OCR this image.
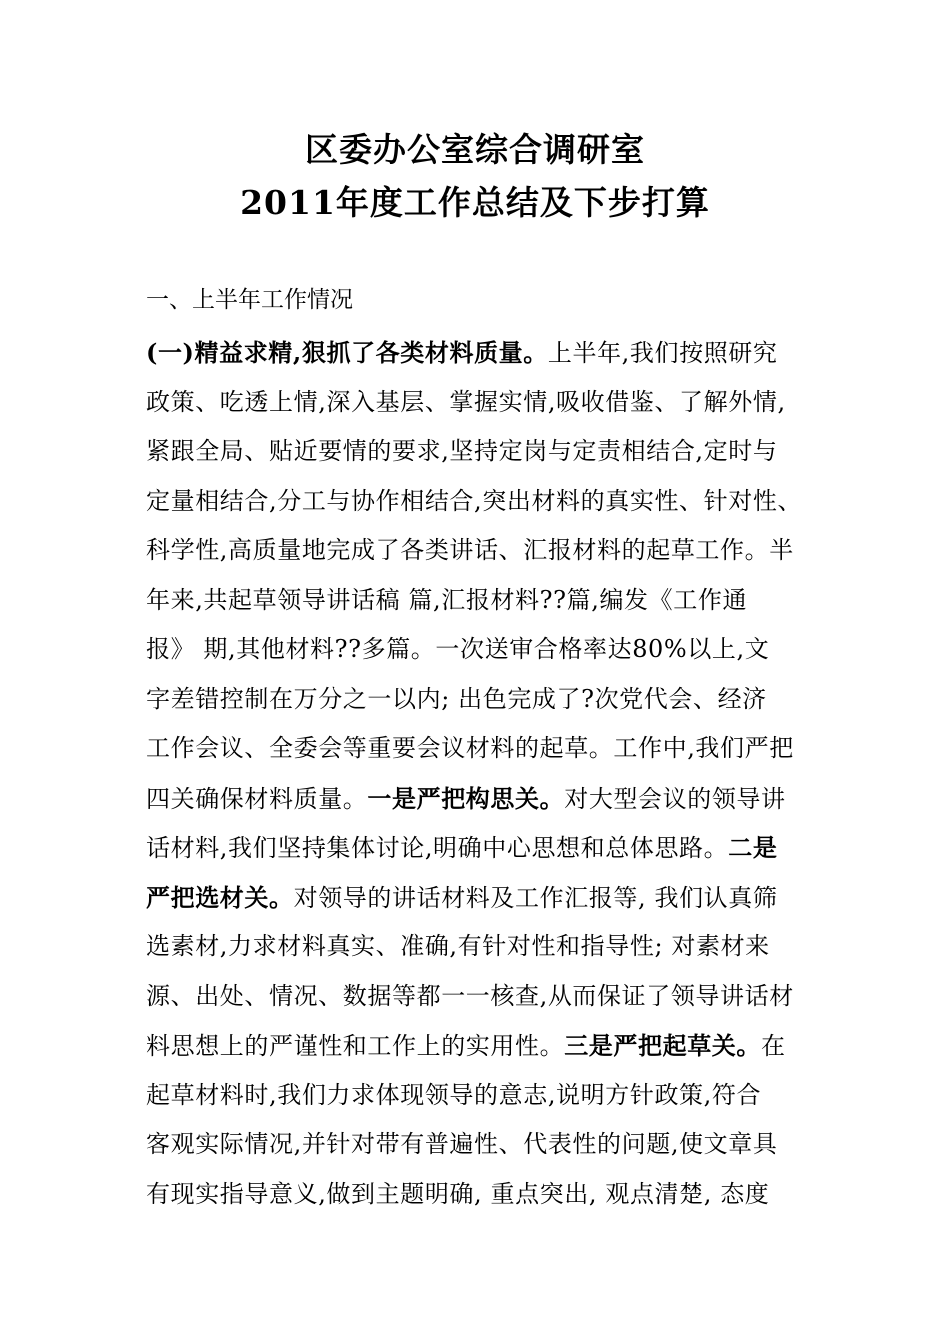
区委办公室综合调研室
2011年度工作总结及下步打算
一、上半年工作情况
(一)精益求精,狠抓了各类材料质量。上半年,我们按照研究
政策、吃透上情,深入基层、掌握实情,吸收借鉴、了解外情,
紧跟全局、贴近要情的要求,坚持定岗与定责相结合,定时与
定量相结合,分工与协作相结合,突出材料的真实性、针对性、
科学性,高质量地完成了各类讲话、汇报材料的起草工作。半
年来,共起草领导讲话稿 篇,汇报材料??篇,编发《工作通
报》 期,其他材料??多篇。一次送审合格率达80%以上,文
字差错控制在万分之一以内; 出色完成了?次党代会、经济
工作会议、全委会等重要会议材料的起草。工作中,我们严把
四关确保材料质量。一是严把构思关。对大型会议的领导讲
话材料,我们坚持集体讨论,明确中心思想和总体思路。二是
严把选材关。对领导的讲话材料及工作汇报等, 我们认真筛
选素材,力求材料真实、准确,有针对性和指导性; 对素材来
源、出处、情况、数据等都一一核查,从而保证了领导讲话材
料思想上的严谨性和工作上的实用性。三是严把起草关。在
起草材料时,我们力求体现领导的意志,说明方针政策,符合
客观实际情况,并针对带有普遍性、代表性的问题,使文章具
有现实指导意义,做到主题明确, 重点突出, 观点清楚, 态度
